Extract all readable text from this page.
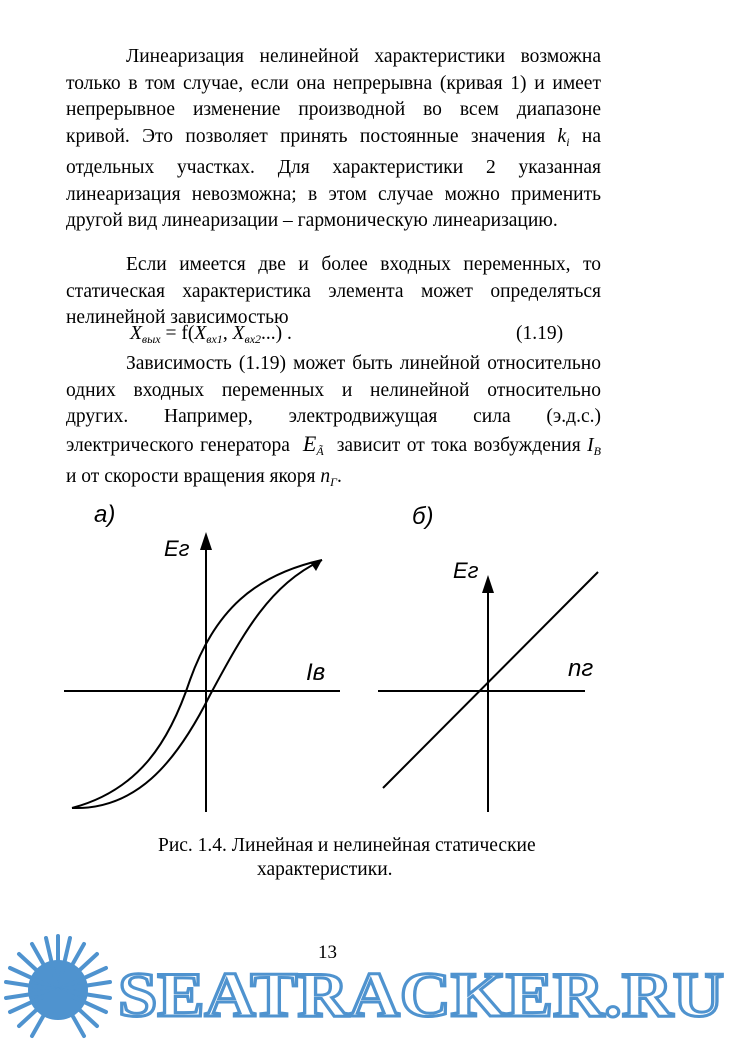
Линеаризация нелинейной характеристики возможна только в том случае, если она непрерывна (кривая 1) и имеет непрерывное изменение производной во всем диапазоне кривой. Это позволяет принять постоянные значения $k_i$ на отдельных участках. Для характеристики 2 указанная линеаризация невозможна; в этом случае можно применить другой вид линеаризации – гармоническую линеаризацию.

Если имеется две и более входных переменных, то статическая характеристика элемента может определяться нелинейной зависимостью

$X_{вых} = f(X_{вх1}$, $X_{вх2}$...) .	(1.19)

Зависимость (1.19) может быть линейной относительно одних входных переменных и нелинейной относительно других. Например, электродвижущая сила (э.д.с.) электрического генератора $E_Ã$ зависит от тока возбуждения $I_В$ и от скорости вращения якоря $n_Г$.

а)
Eг
Iв
б)
Eг
nг
Рис. 1.4. Линейная и нелинейная статические
характеристики.
SEATRACKER.RU
13
